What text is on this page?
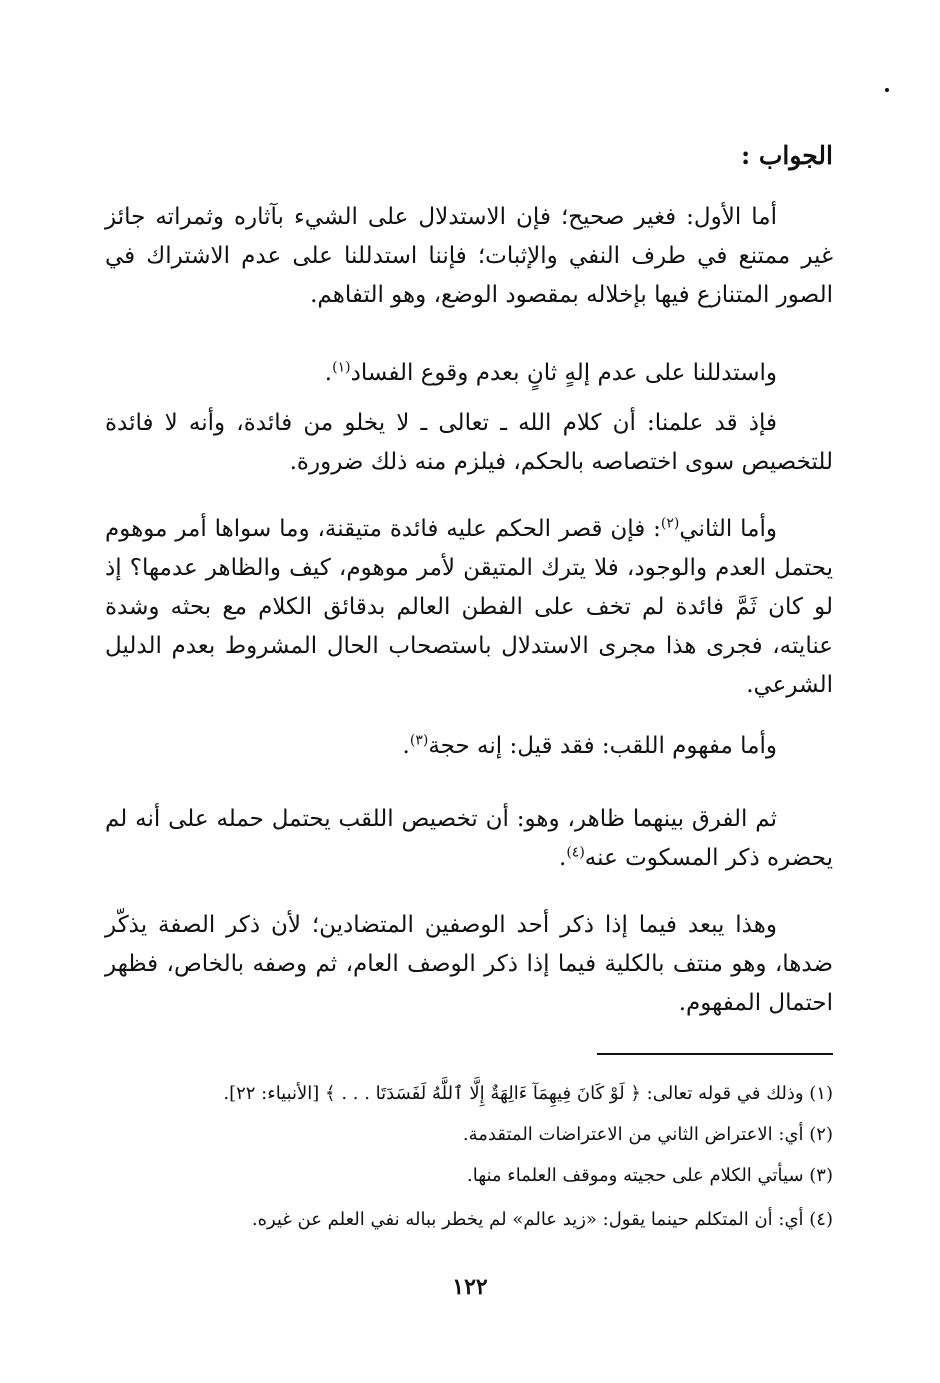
الجواب :

أما الأول: فغير صحيح؛ فإن الاستدلال على الشيء بآثاره وثمراته جائز غير ممتنع في طرف النفي والإثبات؛ فإننا استدللنا على عدم الاشتراك في الصور المتنازع فيها بإخلاله بمقصود الوضع، وهو التفاهم.

واستدللنا على عدم إلهٍ ثانٍ بعدم وقوع الفساد$^{(١)}$.

فإذ قد علمنا: أن كلام الله ـ تعالى ـ لا يخلو من فائدة، وأنه لا فائدة للتخصيص سوى اختصاصه بالحكم، فيلزم منه ذلك ضرورة.

وأما الثاني$^{(٢)}$: فإن قصر الحكم عليه فائدة متيقنة، وما سواها أمر موهوم يحتمل العدم والوجود، فلا يترك المتيقن لأمر موهوم، كيف والظاهر عدمها؟ إذ لو كان ثَمَّ فائدة لم تخف على الفطن العالم بدقائق الكلام مع بحثه وشدة عنايته، فجرى هذا مجرى الاستدلال باستصحاب الحال المشروط بعدم الدليل الشرعي.

وأما مفهوم اللقب: فقد قيل: إنه حجة$^{(٣)}$.

ثم الفرق بينهما ظاهر، وهو: أن تخصيص اللقب يحتمل حمله على أنه لم يحضره ذكر المسكوت عنه$^{(٤)}$.

وهذا يبعد فيما إذا ذكر أحد الوصفين المتضادين؛ لأن ذكر الصفة يذكّر ضدها، وهو منتف بالكلية فيما إذا ذكر الوصف العام، ثم وصفه بالخاص، فظهر احتمال المفهوم.

(١) وذلك في قوله تعالى: ﴿ لَوْ كَانَ فِيهِمَآ ءَالِهَةٌ إِلَّا ٱللَّهُ لَفَسَدَتَا . . . ﴾ [الأنبياء: ٢٢].

(٢) أي: الاعتراض الثاني من الاعتراضات المتقدمة.

(٣) سيأتي الكلام على حجيته وموقف العلماء منها.

(٤) أي: أن المتكلم حينما يقول: «زيد عالم» لم يخطر بباله نفي العلم عن غيره.

١٢٢
